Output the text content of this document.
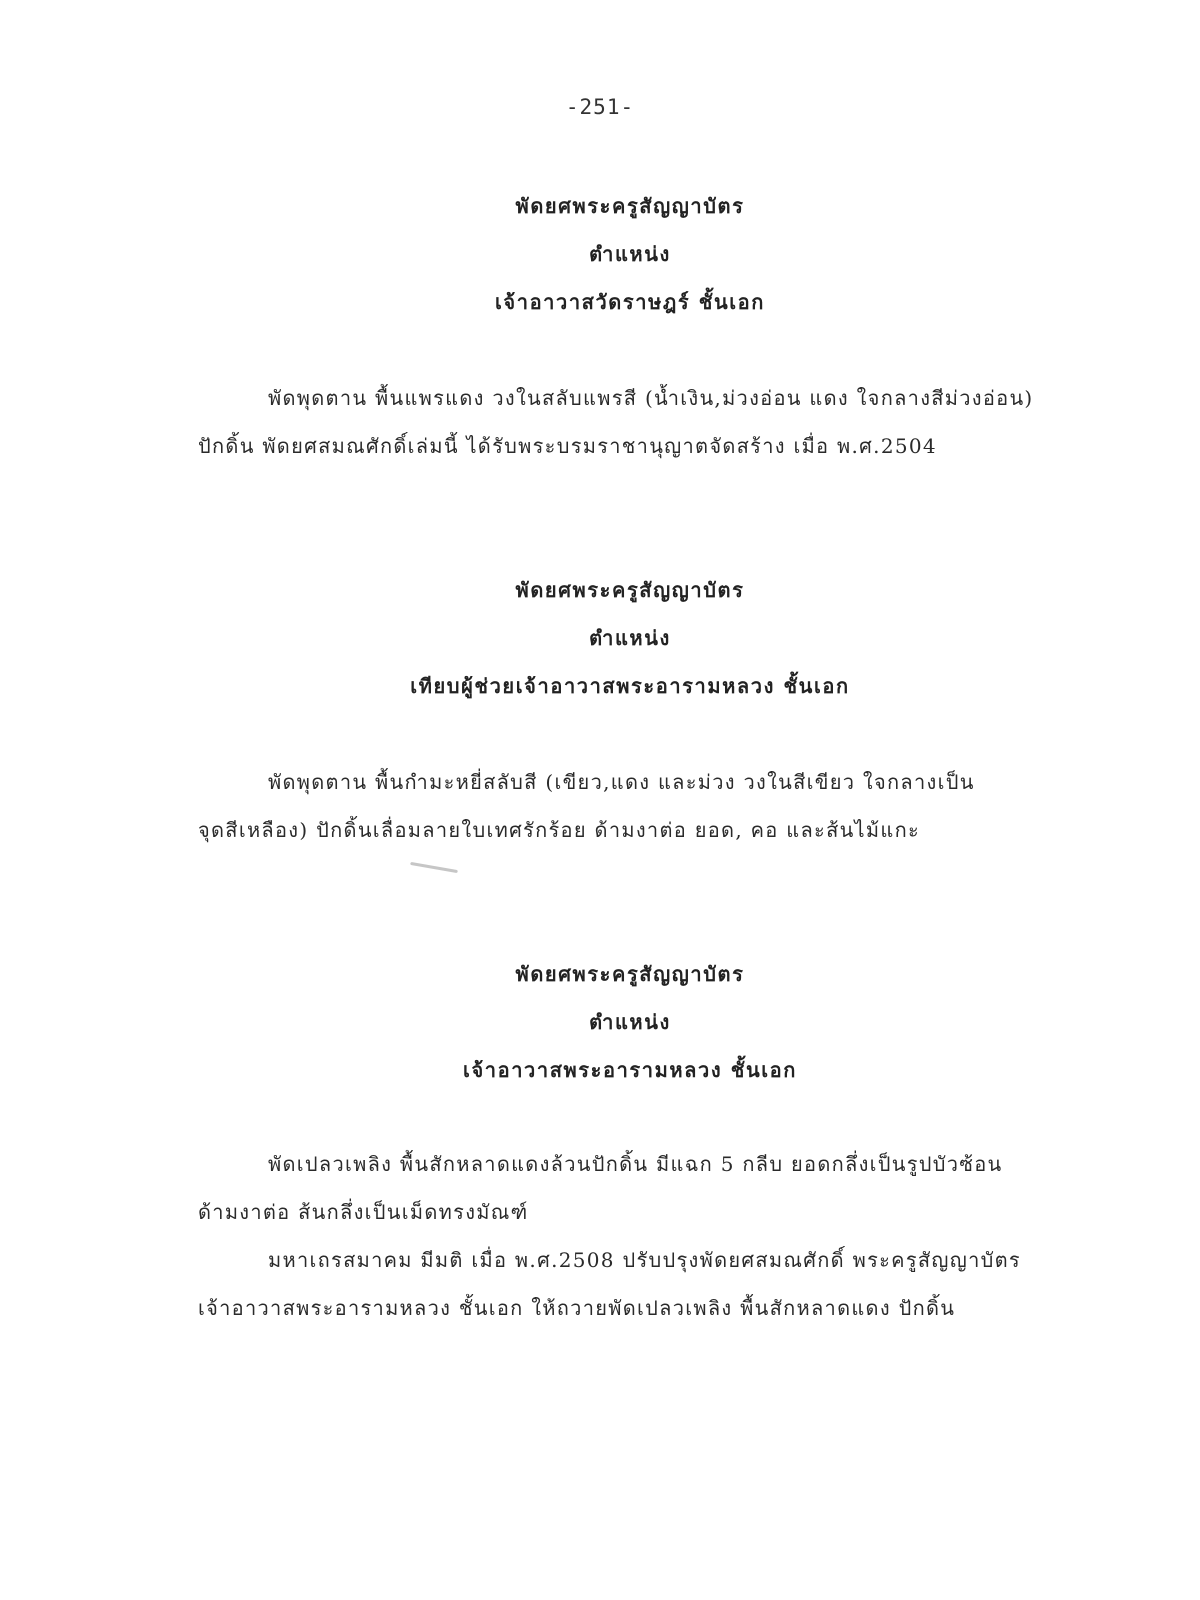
-251-
พัดยศพระครูสัญญาบัตร
ตำแหน่ง
เจ้าอาวาสวัดราษฎร์ ชั้นเอก
พัดพุดตาน พื้นแพรแดง วงในสลับแพรสี (น้ำเงิน,ม่วงอ่อน แดง ใจกลางสีม่วงอ่อน)
ปักดิ้น พัดยศสมณศักดิ์เล่มนี้ ได้รับพระบรมราชานุญาตจัดสร้าง เมื่อ พ.ศ.2504
พัดยศพระครูสัญญาบัตร
ตำแหน่ง
เทียบผู้ช่วยเจ้าอาวาสพระอารามหลวง ชั้นเอก
พัดพุดตาน พื้นกำมะหยี่สลับสี (เขียว,แดง และม่วง วงในสีเขียว ใจกลางเป็น
จุดสีเหลือง) ปักดิ้นเลื่อมลายใบเทศรักร้อย ด้ามงาต่อ ยอด, คอ และส้นไม้แกะ
พัดยศพระครูสัญญาบัตร
ตำแหน่ง
เจ้าอาวาสพระอารามหลวง ชั้นเอก
พัดเปลวเพลิง พื้นสักหลาดแดงล้วนปักดิ้น มีแฉก 5 กลีบ ยอดกลึ่งเป็นรูปบัวซ้อน
ด้ามงาต่อ ส้นกลึ่งเป็นเม็ดทรงมัณฑ์
มหาเถรสมาคม มีมติ เมื่อ พ.ศ.2508 ปรับปรุงพัดยศสมณศักดิ์ พระครูสัญญาบัตร
เจ้าอาวาสพระอารามหลวง ชั้นเอก ให้ถวายพัดเปลวเพลิง พื้นสักหลาดแดง ปักดิ้น
